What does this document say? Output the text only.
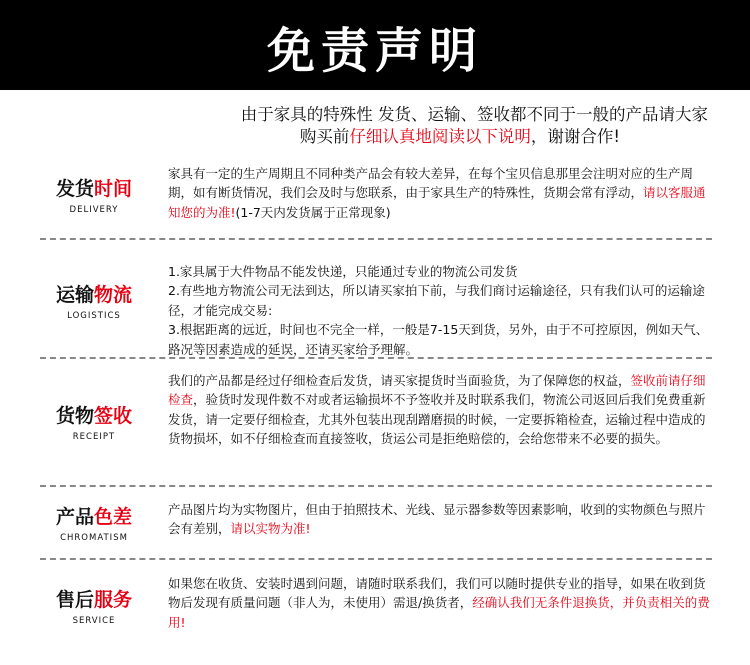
免责声明
由于家具的特殊性 发货、运输、签收都不同于一般的产品请大家
购买前仔细认真地阅读以下说明，谢谢合作!
发货时间
DELIVERY
家具有一定的生产周期且不同种类产品会有较大差异，在每个宝贝信息那里会注明对应的生产周期，如有断货情况，我们会及时与您联系，由于家具生产的特殊性，货期会常有浮动，请以客服通知您的为准!(1-7天内发货属于正常现象)
运输物流
LOGISTICS
1.家具属于大件物品不能发快递，只能通过专业的物流公司发货
2.有些地方物流公司无法到达，所以请买家拍下前，与我们商讨运输途径，只有我们认可的运输途径，才能完成交易:
3.根据距离的远近，时间也不完全一样，一般是7-15天到货，另外，由于不可控原因，例如天气、路况等因素造成的延误，还请买家给予理解。
货物签收
RECEIPT
我们的产品都是经过仔细检查后发货，请买家提货时当面验货，为了保障您的权益，签收前请仔细检查，验货时发现件数不对或者运输损坏不予签收并及时联系我们，物流公司返回后我们免费重新发货，请一定要仔细检查，尤其外包装出现刮蹭磨损的时候，一定要拆箱检查，运输过程中造成的货物损坏，如不仔细检查而直接签收，货运公司是拒绝赔偿的，会给您带来不必要的损失。
产品色差
CHROMATISM
产品图片均为实物图片，但由于拍照技术、光线、显示器参数等因素影响，收到的实物颜色与照片会有差别，请以实物为准!
售后服务
SERVICE
如果您在收货、安装时遇到问题，请随时联系我们，我们可以随时提供专业的指导，如果在收到货物后发现有质量问题（非人为，未使用）需退/换货者，经确认我们无条件退换货，并负责相关的费用!
